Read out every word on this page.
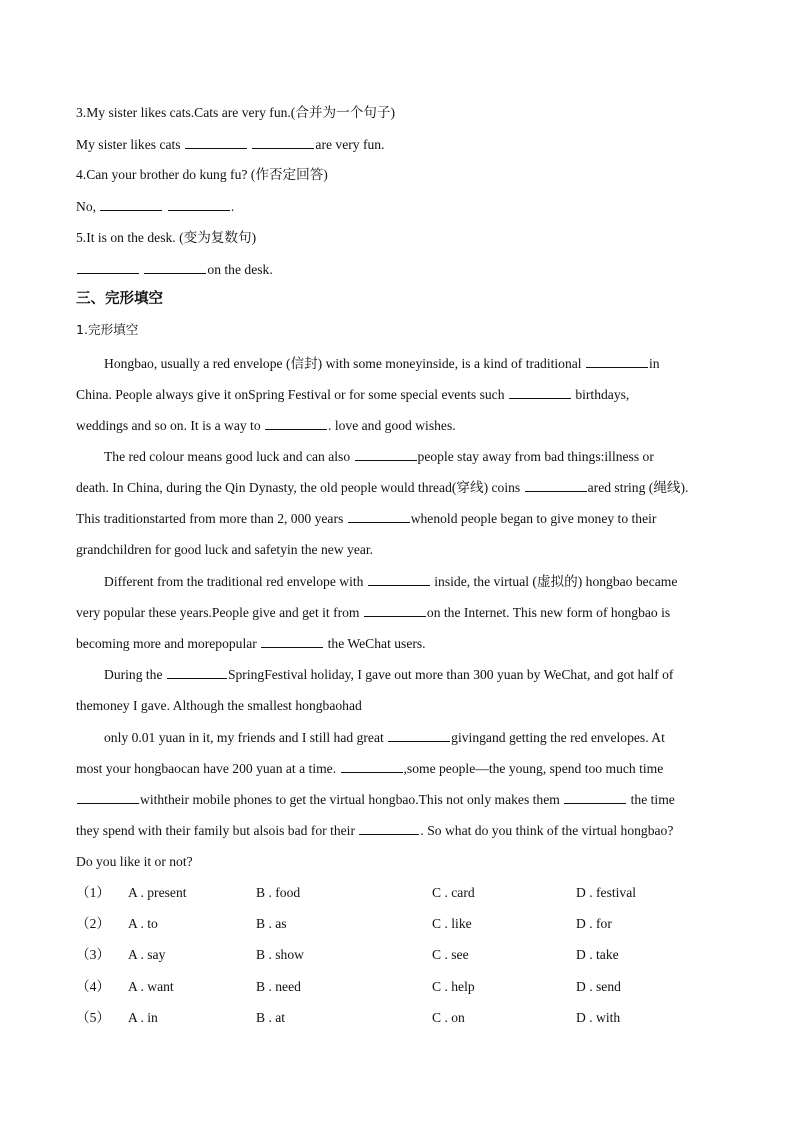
3.My sister likes cats.Cats are very fun.(合并为一个句子)
My sister likes cats	are very fun.
4.Can your brother do kung fu? (作否定回答)
No,	.
5.It is on the desk. (变为复数句)
on the desk.
三、完形填空
1.完形填空
Hongbao, usually a red envelope (信封) with some moneyinside, is a kind of traditional	in
China. People always give it onSpring Festival or for some special events such	birthdays,
weddings and so on. It is a way to	. love and good wishes.
The red colour means good luck and can also	people stay away from bad things:illness or
death. In China, during the Qin Dynasty, the old people would thread(穿线) coins	ared string (绳线).
This traditionstarted from more than 2, 000 years	whenold people began to give money to their
grandchildren for good luck and safetyin the new year.
Different from the traditional red envelope with	inside, the virtual (虚拟的) hongbao became
very popular these years.People give and get it from	on the Internet. This new form of hongbao is
becoming more and morepopular	the WeChat users.
During the	SpringFestival holiday, I gave out more than 300 yuan by WeChat, and got half of
themoney I gave. Although the smallest hongbaohad
only 0.01 yuan in it, my friends and I still had great	givingand getting the red envelopes. At
most your hongbaocan have 200 yuan at a time.	,some people—the young, spend too much time
withtheir mobile phones to get the virtual hongbao.This not only makes them	the time
they spend with their family but alsois bad for their	. So what do you think of the virtual hongbao?
Do you like it or not?
（1） A . present	B . food	C . card	D . festival
（2） A . to	B . as	C . like	D . for
（3） A . say	B . show	C . see	D . take
（4） A . want	B . need	C . help	D . send
（5） A . in	B . at	C . on	D . with
